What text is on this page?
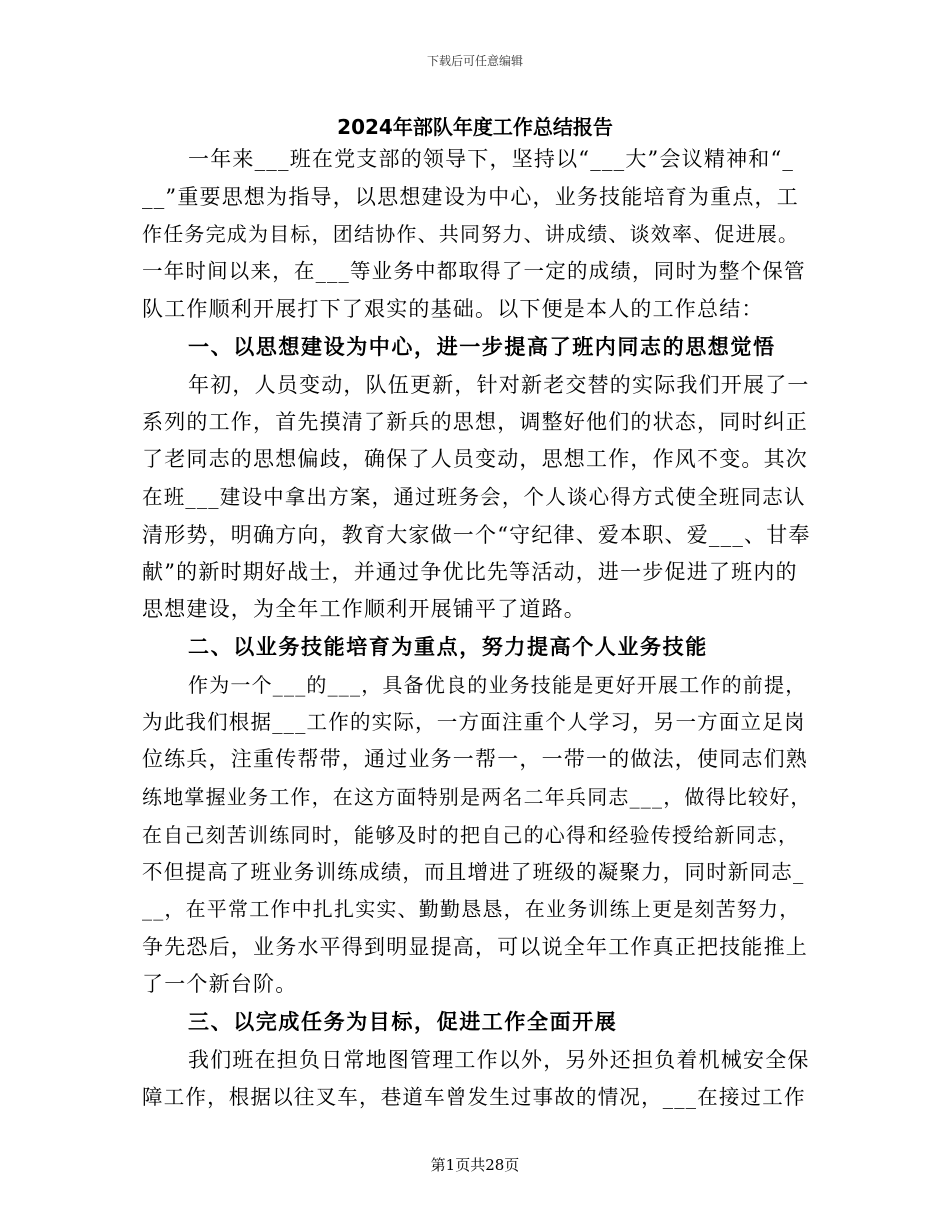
下载后可任意编辑
2024年部队年度工作总结报告
一年来___班在党支部的领导下，坚持以“___大”会议精神和“_
__”重要思想为指导，以思想建设为中心，业务技能培育为重点，工
作任务完成为目标，团结协作、共同努力、讲成绩、谈效率、促进展。
一年时间以来，在___等业务中都取得了一定的成绩，同时为整个保管
队工作顺利开展打下了艰实的基础。以下便是本人的工作总结：
一、以思想建设为中心，进一步提高了班内同志的思想觉悟
年初，人员变动，队伍更新，针对新老交替的实际我们开展了一
系列的工作，首先摸清了新兵的思想，调整好他们的状态，同时纠正
了老同志的思想偏歧，确保了人员变动，思想工作，作风不变。其次
在班___建设中拿出方案，通过班务会，个人谈心得方式使全班同志认
清形势，明确方向，教育大家做一个“守纪律、爱本职、爱___、甘奉
献”的新时期好战士，并通过争优比先等活动，进一步促进了班内的
思想建设，为全年工作顺利开展铺平了道路。
二、以业务技能培育为重点，努力提高个人业务技能
作为一个___的___，具备优良的业务技能是更好开展工作的前提，
为此我们根据___工作的实际，一方面注重个人学习，另一方面立足岗
位练兵，注重传帮带，通过业务一帮一，一带一的做法，使同志们熟
练地掌握业务工作，在这方面特别是两名二年兵同志___，做得比较好，
在自己刻苦训练同时，能够及时的把自己的心得和经验传授给新同志，
不但提高了班业务训练成绩，而且增进了班级的凝聚力，同时新同志_
__，在平常工作中扎扎实实、勤勤恳恳，在业务训练上更是刻苦努力，
争先恐后，业务水平得到明显提高，可以说全年工作真正把技能推上
了一个新台阶。
三、以完成任务为目标，促进工作全面开展
我们班在担负日常地图管理工作以外，另外还担负着机械安全保
障工作，根据以往叉车，巷道车曾发生过事故的情况，___在接过工作
第1页共28页
